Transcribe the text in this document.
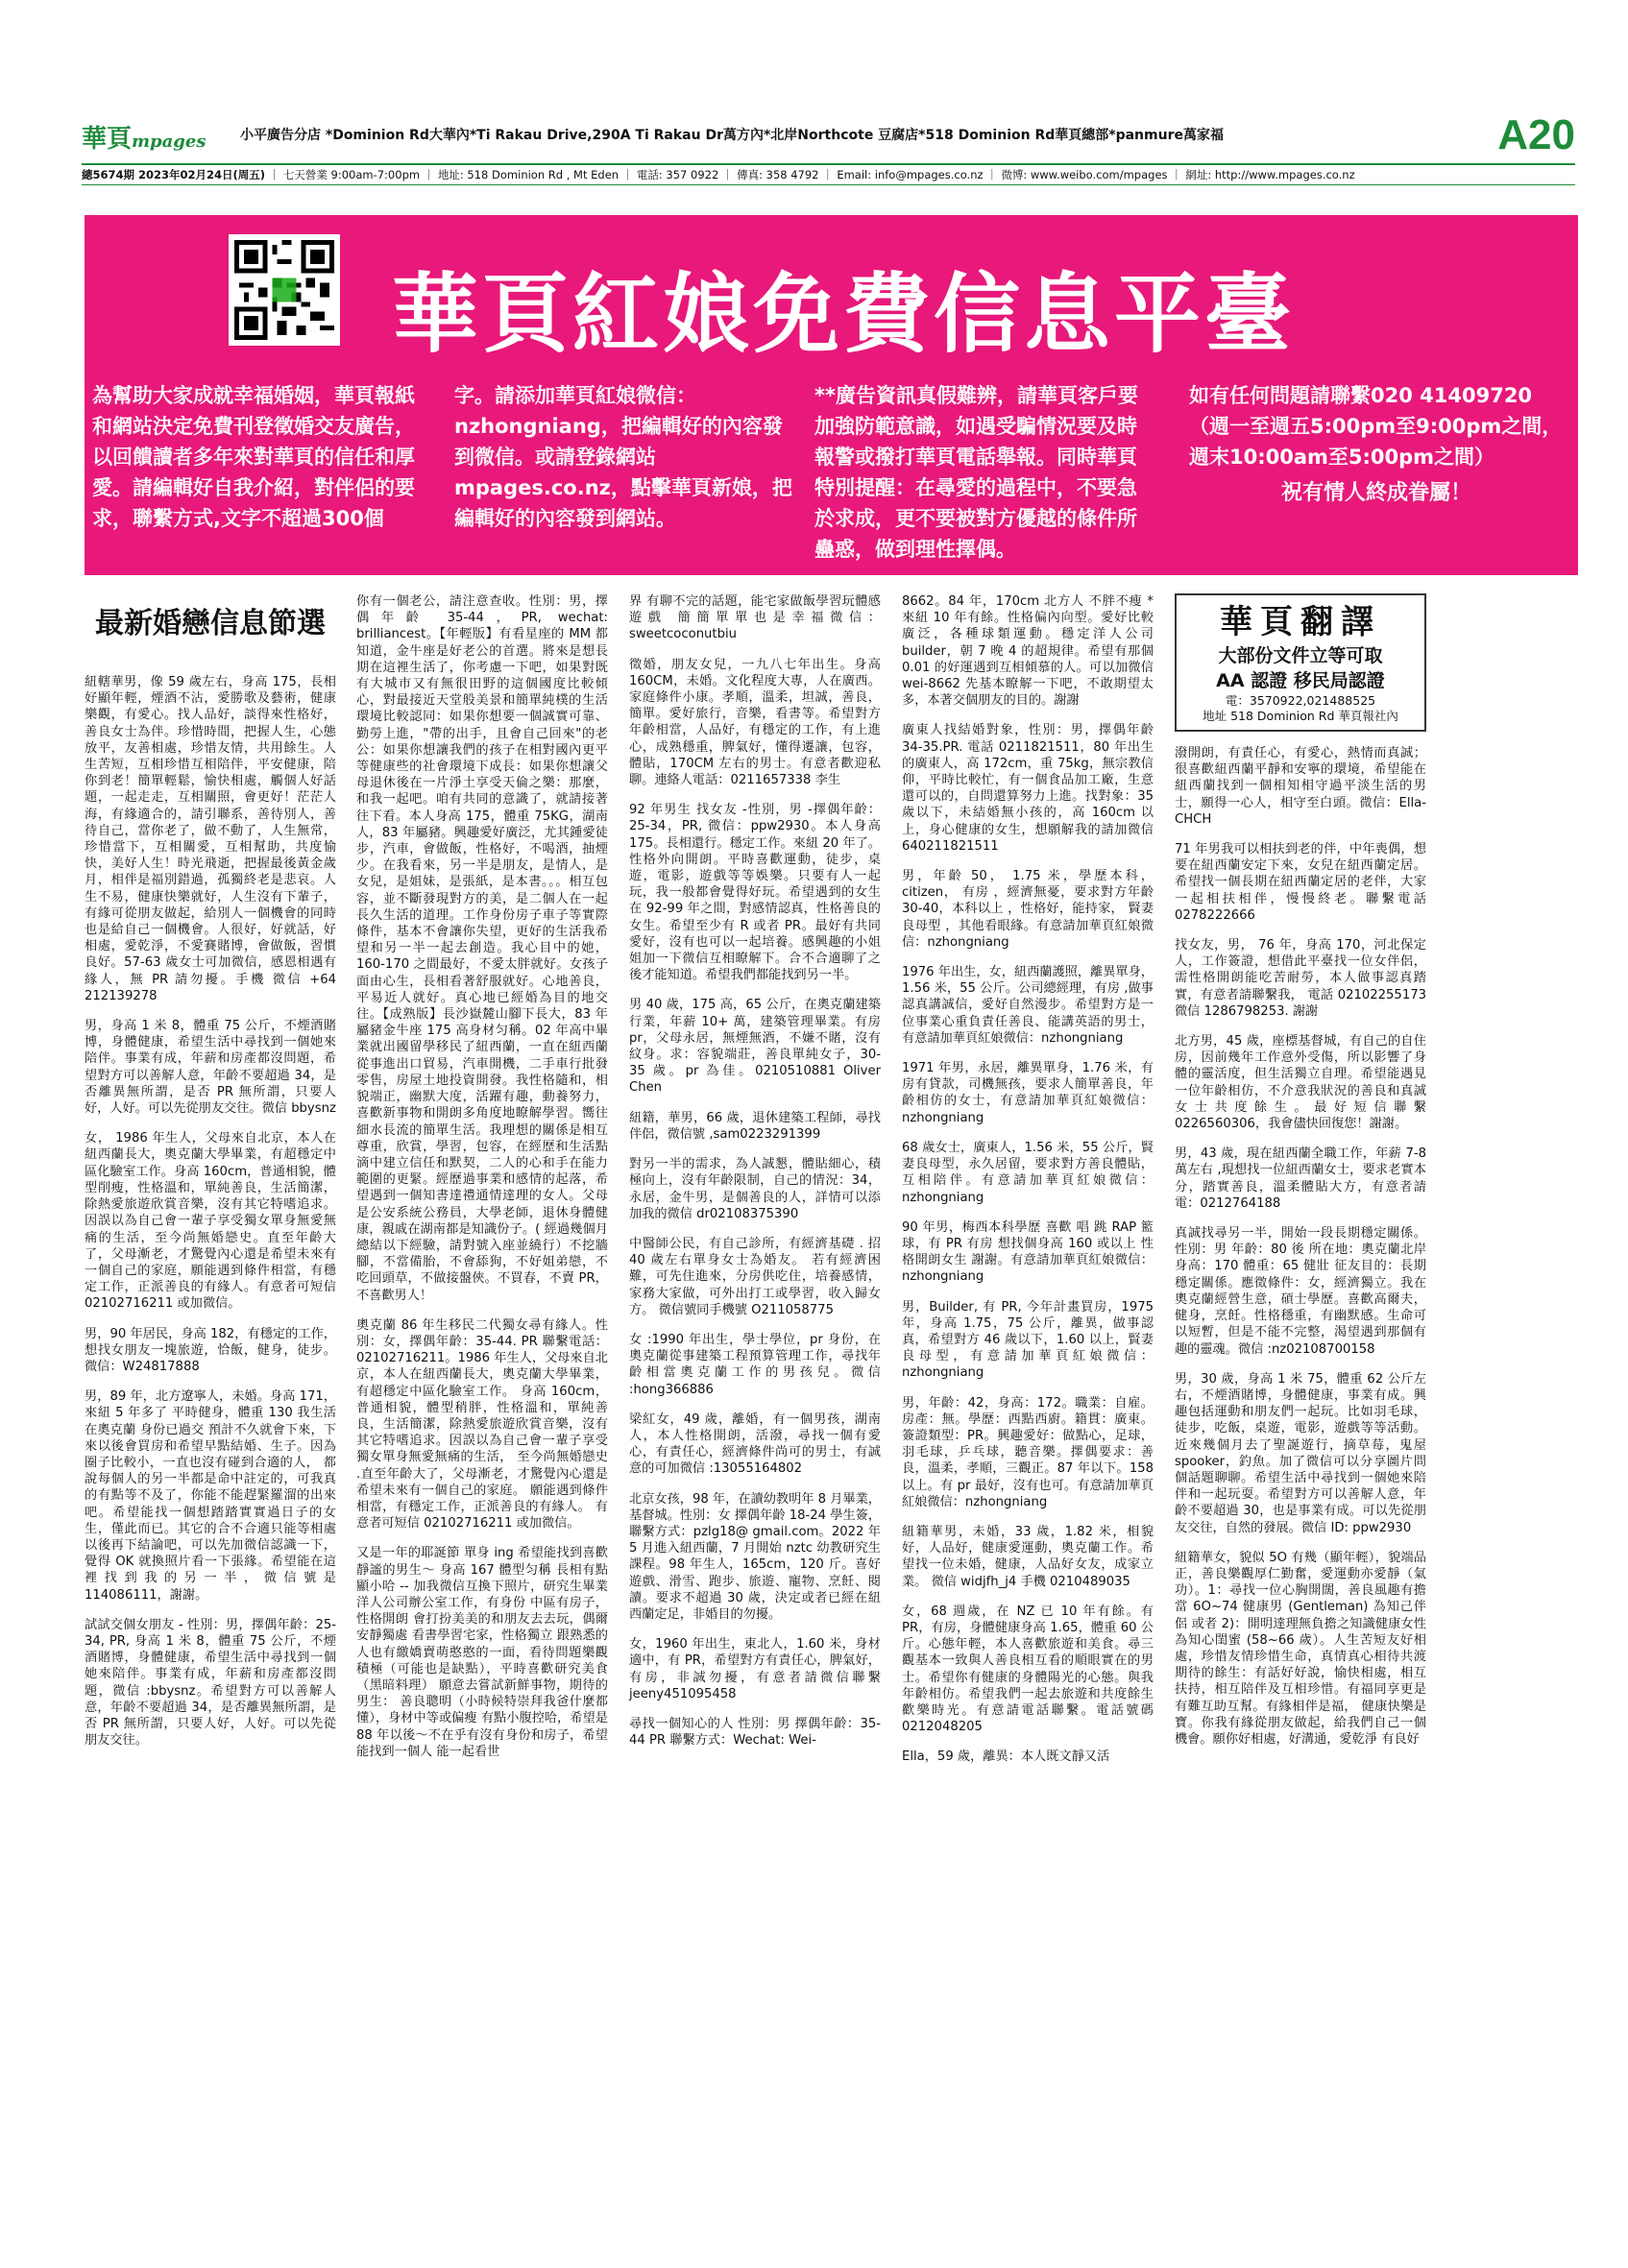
華頁mpages	小平廣告分店 *Dominion Rd大華內*Ti Rakau Drive,290A Ti Rakau Dr萬方內*北岸Northcote 豆腐店*518 Dominion Rd華頁總部*panmure萬家福	A20
總5674期 2023年02月24日(周五) ｜ 七天營業 9:00am-7:00pm ｜ 地址: 518 Dominion Rd , Mt Eden ｜ 電話: 357 0922 ｜ 傳真: 358 4792 ｜ Email: info@mpages.co.nz ｜ 微博: www.weibo.com/mpages ｜ 網址: http://www.mpages.co.nz
華頁紅娘免費信息平臺
為幫助大家成就幸福婚姻，華頁報紙和網站決定免費刊登徵婚交友廣告，以回饋讀者多年來對華頁的信任和厚愛。請編輯好自我介紹，對伴侶的要求，聯繫方式,文字不超過300個
字。請添加華頁紅娘微信：nzhongniang，把編輯好的內容發到微信。或請登錄網站mpages.co.nz，點擊華頁新娘，把編輯好的內容發到網站。
**廣告資訊真假難辨，請華頁客戶要加強防範意識，如遇受騙情況要及時報警或撥打華頁電話舉報。同時華頁特別提醒：在尋愛的過程中，不要急於求成，更不要被對方優越的條件所蠱惑，做到理性擇偶。
如有任何問題請聯繫020 41409720（週一至週五5:00pm至9:00pm之間，週末10:00am至5:00pm之間）
祝有情人終成眷屬！
最新婚戀信息節選

紐轄華男，像 59 歲左右，身高 175，長相好顯年輕，煙酒不沾，愛勝歌及藝術，健康樂觀，有愛心。找人品好，談得來性格好，善良女士為伴。珍惜時間，把握人生，心態放平，友善相處，珍惜友情，共用餘生。人生苦短，互相珍惜互相陪伴，平安健康，陪你到老！簡單輕鬆，愉快相處，觸個人好話題，一起走走，互相關照，會更好！茫茫人海，有緣適合的，請引聯系，善待別人，善待自己，當你老了，做不動了，人生無常，珍惜當下，互相關愛，互相幫助，共度愉快，美好人生！時光飛逝，把握最後黃金歲月，相伴是福別錯過，孤獨終老是悲哀。人生不易，健康快樂就好，人生沒有下輩子，有緣可從朋友做起，給別人一個機會的同時也是給自己一個機會。人很好，好就話，好相處，愛乾淨，不愛賽賭博，會做飯，習慣良好。57-63 歲女士可加微信，感恩相遇有緣人，無 PR 請勿擾。手機 微信 +64 212139278

男，身高 1 米 8，體重 75 公斤，不煙酒賭博，身體健康，希望生活中尋找到一個她來陪伴。事業有成，年薪和房產都沒問題，希望對方可以善解人意，年齡不要超過 34，是否離異無所謂，是否 PR 無所謂，只要人好，人好。可以先從朋友交往。微信 bbysnz

女， 1986 年生人，父母來自北京，本人在紐西蘭長大，奧克蘭大學畢業，有超穩定中區化驗室工作。身高 160cm，普通相貌，體型削瘦，性格溫和，單純善良，生活簡潔，除熱愛旅遊欣賞音樂，沒有其它特嗜追求。因誤以為自己會一輩子享受獨女單身無愛無痛的生活，至今尚無婚戀史。直至年齡大了，父母漸老，才驚覺內心還是希望未來有一個自己的家庭，願能遇到條件相當，有穩定工作，正派善良的有緣人。有意者可短信 02102716211 或加微信。

男，90 年居民，身高 182，有穩定的工作，想找女朋友一塊旅遊，恰飯，健身，徒步。微信：W24817888

男，89 年，北方遼寧人，未婚。身高 171， 來紐 5 年多了 平時健身，體重 130 我生活在奧克蘭 身份已過交 預計不久就會下來，下來以後會買房和希望早點結婚、生子。因為圈子比較小，一直也沒有碰到合適的人， 都說每個人的另一半都是命中註定的，可我真的有點等不及了，你能不能趕緊羅溜的出來吧。希望能找一個想踏踏實實過日子的女生，僅此而已。其它的合不合適只能等相處以後再下結論吧，可以先加微信認識一下，覺得 OK 就換照片看一下張緣。希望能在這裡找到我的另一半，微信號是 114086111，謝謝。

試試交個女朋友 - 性別：男，擇偶年齡：25-34, PR, 身高 1 米 8，體重 75 公斤，不煙酒賭博，身體健康，希望生活中尋找到一個她來陪伴。事業有成，年薪和房產都沒問題，微信 :bbysnz。希望對方可以善解人意，年齡不要超過 34，是否離異無所謂，是否 PR 無所謂，只要人好，人好。可以先從朋友交往。

你有一個老公，請注意查收。性別：男，擇偶年齡 35-44，PR, wechat: brilliancest。【年輕版】有看星座的 MM 都知道，金牛座是好老公的首選。將來是想長期在這裡生活了，你考慮一下吧，如果對既有大城市又有無很田野的這個國度比較傾心，對最接近天堂般美景和簡單純樸的生活環境比較認同：如果你想要一個誠實可靠、勤勞上進，"帶的出手，且會自己回來"的老公：如果你想讓我們的孩子在相對國內更平等健康些的社會環境下成長：如果你想讓父母退休後在一片淨土享受天倫之樂：那麼，和我一起吧。咱有共同的意識了，就請接著往下看。本人身高 175，體重 75KG，湖南人，83 年屬豬。興趣愛好廣泛，尤其鍾愛徒步，汽車，會做飯，性格好，不喝酒，抽煙少。在我看來，另一半是朋友，是情人，是女兒，是姐妹，是張紙，是本書。。。相互包容，並不斷發現對方的美，是二個人在一起長久生活的道理。工作身份房子車子等實際條件，基本不會讓你失望，更好的生活我希望和另一半一起去創造。我心目中的她，160-170 之間最好，不愛太胖就好。女孩子面由心生，長相看著舒服就好。心地善良，平易近人就好。真心地已經婚為目的地交往。【成熟版】長沙嶽麓山腳下長大，83 年屬豬金牛座 175 高身材匀稱。02 年高中畢業就出國留學移民了紐西蘭，一直在紐西蘭從事進出口貿易，汽車開機，二手車行批發零售，房屋土地投資開發。我性格隨和，相貌端正，幽默大度，活躍有趣，動養努力，喜歡新事物和開朗多角度地瞭解學習。嚮往細水長流的簡單生活。我理想的關係是相互尊重，欣賞，學習，包容，在經歷和生活點滴中建立信任和默契，二人的心和手在能力範圍的更緊。經歷過事業和感情的起落，希望遇到一個知書達禮通情達理的女人。父母是公安系統公務員，大學老師，退休身體健康，親戚在湖南都是知識份子。( 經過幾個月總結以下經驗，請對號入座並繞行）不挖牆腳，不當備胎，不會舔狗，不好姐弟戀，不吃回頭草，不做接盤俠。不買春，不賣 PR，不喜歡男人！

奧克蘭 86 年生移民二代獨女尋有緣人。性別：女，擇偶年齡：35-44. PR 聯繫電話：02102716211。1986 年生人，父母來自北京，本人在紐西蘭長大，奧克蘭大學畢業，有超穩定中區化驗室工作。 身高 160cm，普通相貌，體型稍胖，性格溫和，單純善良，生活簡潔，除熱愛旅遊欣賞音樂，沒有其它特嗜追求。因誤以為自己會一輩子享受獨女單身無愛無痛的生活， 至今尚無婚戀史 .直至年齡大了，父母漸老，才驚覺內心還是希望未來有一個自己的家庭。 願能遇到條件相當，有穩定工作，正派善良的有緣人。 有意者可短信 02102716211 或加微信。

又是一年的耶誕節 單身 ing 希望能找到喜歡靜謐的男生～ 身高 167 體型匀稱 長相有點顯小哈 -- 加我微信互換下照片，研究生畢業 洋人公司辦公室工作，有身份 中區有房子，性格開朗 會打扮美美的和朋友去去玩，偶爾安靜獨處 看書學習宅家，性格獨立 跟熟悉的人也有繳嬌賣萌憨憨的一面，看待問題樂觀積極（可能也是缺點），平時喜歡研究美食（黑暗料理） 願意去嘗試新鮮事物，期待的男生： 善良聰明（小時候特崇拜我爸什麼都懂），身材中等或偏瘦 有點小腹控哈，希望是 88 年以後～不在乎有沒有身份和房子，希望能找到一個人 能一起看世

界 有聊不完的話題，能宅家做飯學習玩體感遊戲 簡簡單單也是幸福微信：sweetcoconutbiu

徵婚，朋友女兒，一九八七年出生。身高 160CM，未婚。文化程度大專，人在廣西。家庭條件小康。孝順，溫柔，坦誠，善良，簡單。愛好旅行，音樂，看書等。希望對方年齡相當，人品好，有穩定的工作，有上進心，成熟穩重，脾氣好，懂得遷讓，包容，體貼，170CM 左右的男士。有意者歡迎私聊。連絡人電話：0211657338 李生

92 年男生 找女友 -性別，男 -擇偶年齡：25-34，PR, 微信：ppw2930。本人身高 175。長相還行。穩定工作。來紐 20 年了。性格外向開朗。平時喜歡運動，徒步，桌遊，電影，遊戲等等娛樂。只要有人一起玩，我一般都會覺得好玩。希望遇到的女生在 92-99 年之間，對感情認真，性格善良的女生。希望至少有 R 或者 PR。最好有共同愛好，沒有也可以一起培養。感興趣的小姐姐加一下微信互相瞭解下。合不合適聊了之後才能知道。希望我們都能找到另一半。

男 40 歲，175 高，65 公斤，在奧克蘭建築行業，年薪 10+ 萬，建築管理畢業。有房 pr，父母永居，無煙無酒，不嫌不賭，沒有紋身。求：容貌端莊，善良單純女子，30-35 歲。pr 為佳。0210510881 Oliver Chen

紐籍，華男，66 歲，退休建築工程師，尋找伴侶，微信號 ,sam0223291399

對另一半的需求，為人誠懇，體貼細心，積極向上，沒有年齡限制，自己的情況：34，永居，金牛男，是個善良的人，詳情可以添加我的微信 dr02108375390

中醫師公民，有自己診所，有經濟基礎 . 招 40 歲左右單身女士為婚友。 若有經濟困難，可先住進來，分房供吃住，培養感情，家務大家做，可外出打工或學習，收入歸女方。 微信號同手機號 O211058775

女 :1990 年出生，學士學位，pr 身份，在奧克蘭從事建築工程預算管理工作，尋找年齡相當奧克蘭工作的男孩兒。微信 :hong366886

梁紅女，49 歲，離婚，有一個男孩，湖南人，本人性格開朗，活潑，尋找一個有愛心，有責任心，經濟條件尚可的男士，有誠意的可加微信 :13055164802

北京女孩，98 年，在讀幼教明年 8 月畢業，基督城。性別：女 擇偶年齡 18-24 學生簽，聯繫方式：pzlg18@ gmail.com。2022 年 5 月進入紐西蘭，7 月開始 nztc 幼教研究生課程。98 年生人，165cm，120 斤。喜好遊戲、滑雪、跑步、旅遊、寵物、烹飪、閱讀。要求不超過 30 歲，決定或者已經在紐西蘭定足，非婚目的勿擾。

女，1960 年出生，東北人，1.60 米，身材適中，有 PR，希望對方有責任心，脾氣好，有房，非誠勿擾，有意者請微信聯繫 jeeny451095458

尋找一個知心的人 性別：男 擇偶年齡：35-44 PR 聯繫方式：Wechat: Wei-

8662。84 年，170cm 北方人 不胖不瘦 * 來紐 10 年有餘。性格偏內向型。愛好比較廣泛，各種球類運動。穩定洋人公司 builder，朝 7 晚 4 的超規律。希望有那個 0.01 的好運遇到互相傾慕的人。可以加微信 wei-8662 先基本瞭解一下吧，不敢期望太多，本著交個朋友的目的。謝謝

廣東人找結婚對象，性別：男，擇偶年齡 34-35.PR. 電話 0211821511，80 年出生的廣東人，高 172cm，重 75kg，無宗教信仰，平時比較忙，有一個食品加工廠，生意還可以的，自問還算努力上進。找對象：35 歲以下，未結婚無小孩的，高 160cm 以上，身心健康的女生，想願解我的請加微信 640211821511

男，年齡 50， 1.75 米，學歷本科， citizen， 有房 ，經濟無憂，要求對方年齡 30-40，本科以上 ，性格好，能持家， 賢妻良母型 ，其他看眼緣。有意請加華頁紅娘微信：nzhongniang

1976 年出生，女，紐西蘭護照，離異單身，1.56 米，55 公斤。公司總經理，有房 ,做事認真講誠信，愛好自然漫步。希望對方是一位事業心重負責任善良、能講英語的男士，有意請加華頁紅娘微信：nzhongniang

1971 年男，永居，離異單身，1.76 米，有房有貸款，司機無孩，要求人簡單善良，年齡相仿的女士，有意請加華頁紅娘微信：nzhongniang

68 歲女士，廣東人，1.56 米，55 公斤，賢妻良母型，永久居留，要求對方善良體貼，互相陪伴。有意請加華頁紅娘微信：nzhongniang

90 年男，梅西本科學歷 喜歡 唱 跳 RAP 籃球，有 PR 有房 想找個身高 160 或以上 性格開朗女生 謝謝。有意請加華頁紅娘微信：nzhongniang

男，Builder, 有 PR, 今年計畫買房，1975 年，身高 1.75，75 公斤，離異，做事認真，希望對方 46 歲以下，1.60 以上，賢妻良母型，有意請加華頁紅娘微信：nzhongniang

男，年齡：42，身高：172。職業：自雇。房產：無。學歷：西點西廚。籍貫：廣東。簽證類型：PR。興趣愛好：做點心，足球，羽毛球，乒乓球，聽音樂。擇偶要求：善良，溫柔，孝順，三觀正。87 年以下。158 以上。有 pr 最好，沒有也可。有意請加華頁紅娘微信：nzhongniang

紐籍華男，未婚，33 歲，1.82 米，相貌好，人品好，健康愛運動，奧克蘭工作。希望找一位未婚，健康，人品好女友，成家立業。 微信 widjfh_j4 手機 0210489035

女，68 週歲，在 NZ 已 10 年有餘。有 PR，有房，身體健康身高 1.65，體重 60 公斤。心態年輕，本人喜歡旅遊和美食。尋三觀基本一致與人善良相互看的順眼實在的男士。希望你有健康的身體陽光的心態。與我年齡相仿。希望我們一起去旅遊和共度餘生歡樂時光。有意請電話聯繫。電話號碼 0212048205

Ella，59 歲，離異：本人既文靜又活

華頁翻譯
大部份文件立等可取
AA 認證 移民局認證
電：3570922,021488525
地址 518 Dominion Rd 華頁報社內

潑開朗，有責任心，有愛心，熱情而真誠；很喜歡紐西蘭平靜和安寧的環境，希望能在紐西蘭找到一個相知相守過平淡生活的男士，願得一心人，相守至白頭。微信：Ella-CHCH

71 年男我可以相扶到老的伴，中年喪偶，想要在紐西蘭安定下來，女兒在紐西蘭定居。希望找一個長期在紐西蘭定居的老伴，大家一起相扶相伴，慢慢終老。聯繫電話 0278222666

找女友，男， 76 年，身高 170，河北保定人，工作簽證，想借此平臺找一位女伴侶，需性格開朗能吃苦耐勞，本人做事認真踏實，有意者請聯繫我， 電話 02102255173 微信 1286798253. 謝謝

北方男，45 歲，座標基督城，有自己的自住房，因前幾年工作意外受傷，所以影響了身體的靈活度，但生活獨立自理。希望能遇見一位年齡相仿，不介意我狀況的善良和真誠女士共度餘生。最好短信聯繫 0226560306，我會儘快回復您！謝謝。

男，43 歲，現在紐西蘭全職工作，年薪 7-8 萬左右 ,現想找一位紐西蘭女士，要求老實本分，踏實善良，溫柔體貼大方，有意者請電：0212764188

真誠找尋另一半，開始一段長期穩定關係。性別：男 年齡：80 後 所在地：奧克蘭北岸 身高：170 體重：65 健壯 征友目的：長期穩定關係。應徵條件：女，經濟獨立。我在奧克蘭經營生意，碩士學歷。喜歡高爾夫，健身，烹飪。性格穩重，有幽默感。生命可以短暫，但是不能不完整，渴望遇到那個有趣的靈魂。微信 :nz02108700158

男，30 歲，身高 1 米 75，體重 62 公斤左右，不煙酒賭博，身體健康，事業有成。興趣包括運動和朋友們一起玩。比如羽毛球，徒步，吃飯，桌遊，電影，遊戲等等活動。近來幾個月去了聖誕遊行，摘草莓，鬼屋 spooker，釣魚。加了微信可以分享圖片問個話題聊聊。希望生活中尋找到一個她來陪伴和一起玩耍。希望對方可以善解人意，年齡不要超過 30，也是事業有成。可以先從朋友交往，自然的發展。微信 ID: ppw2930

紐籍華女，貌似 5O 有幾（顯年輕），貌端品正，善良樂觀厚仁勤奮，愛運動亦愛靜（氣功）。1：尋找一位心胸開闊，善良風趣有擔當 6O~74 健康男 (Gentleman) 為知己伴侶 或者 2)：開明達理無負擔之知識健康女性為知心閨蜜 (58~66 歲）。人生苦短友好相處，珍惜友情珍惜生命，真情真心相待共渡期待的餘生：有話好好說，愉快相處，相互扶持，相互陪伴及互相珍惜。有福同享更是有難互助互幫。有緣相伴是福， 健康快樂是寶。你我有緣從朋友做起，給我們自己一個機會。願你好相處，好溝通，愛乾淨 有良好
